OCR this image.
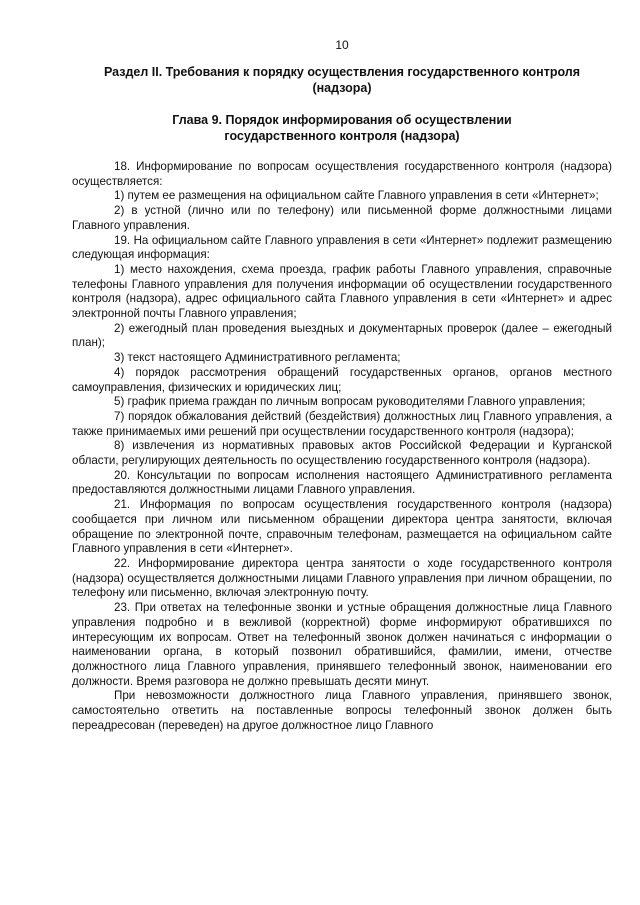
10
Раздел II. Требования к порядку осуществления государственного контроля
(надзора)
Глава 9. Порядок информирования об осуществлении
государственного контроля (надзора)

18. Информирование по вопросам осуществления государственного контроля (надзора) осуществляется:

1) путем ее размещения на официальном сайте Главного управления в сети «Интернет»;

2) в устной (лично или по телефону) или письменной форме должностными лицами Главного управления.

19. На официальном сайте Главного управления в сети «Интернет» подлежит размещению следующая информация:

1) место нахождения, схема проезда, график работы Главного управления, справочные телефоны Главного управления для получения информации об осуществлении государственного контроля (надзора), адрес официального сайта Главного управления в сети «Интернет» и адрес электронной почты Главного управления;

2) ежегодный план проведения выездных и документарных проверок (далее – ежегодный план);

3) текст настоящего Административного регламента;

4) порядок рассмотрения обращений государственных органов, органов местного самоуправления, физических и юридических лиц;

5) график приема граждан по личным вопросам руководителями Главного управления;

7) порядок обжалования действий (бездействия) должностных лиц Главного управления, а также принимаемых ими решений при осуществлении государственного контроля (надзора);

8) извлечения из нормативных правовых актов Российской Федерации и Курганской области, регулирующих деятельность по осуществлению государственного контроля (надзора).

20. Консультации по вопросам исполнения настоящего Административного регламента предоставляются должностными лицами Главного управления.

21. Информация по вопросам осуществления государственного контроля (надзора) сообщается при личном или письменном обращении директора центра занятости, включая обращение по электронной почте, справочным телефонам, размещается на официальном сайте Главного управления в сети «Интернет».

22. Информирование директора центра занятости о ходе государственного контроля (надзора) осуществляется должностными лицами Главного управления при личном обращении, по телефону или письменно, включая электронную почту.

23. При ответах на телефонные звонки и устные обращения должностные лица Главного управления подробно и в вежливой (корректной) форме информируют обратившихся по интересующим их вопросам. Ответ на телефонный звонок должен начинаться с информации о наименовании органа, в который позвонил обратившийся, фамилии, имени, отчестве должностного лица Главного управления, принявшего телефонный звонок, наименовании его должности. Время разговора не должно превышать десяти минут.

При невозможности должностного лица Главного управления, принявшего звонок, самостоятельно ответить на поставленные вопросы телефонный звонок должен быть переадресован (переведен) на другое должностное лицо Главного
